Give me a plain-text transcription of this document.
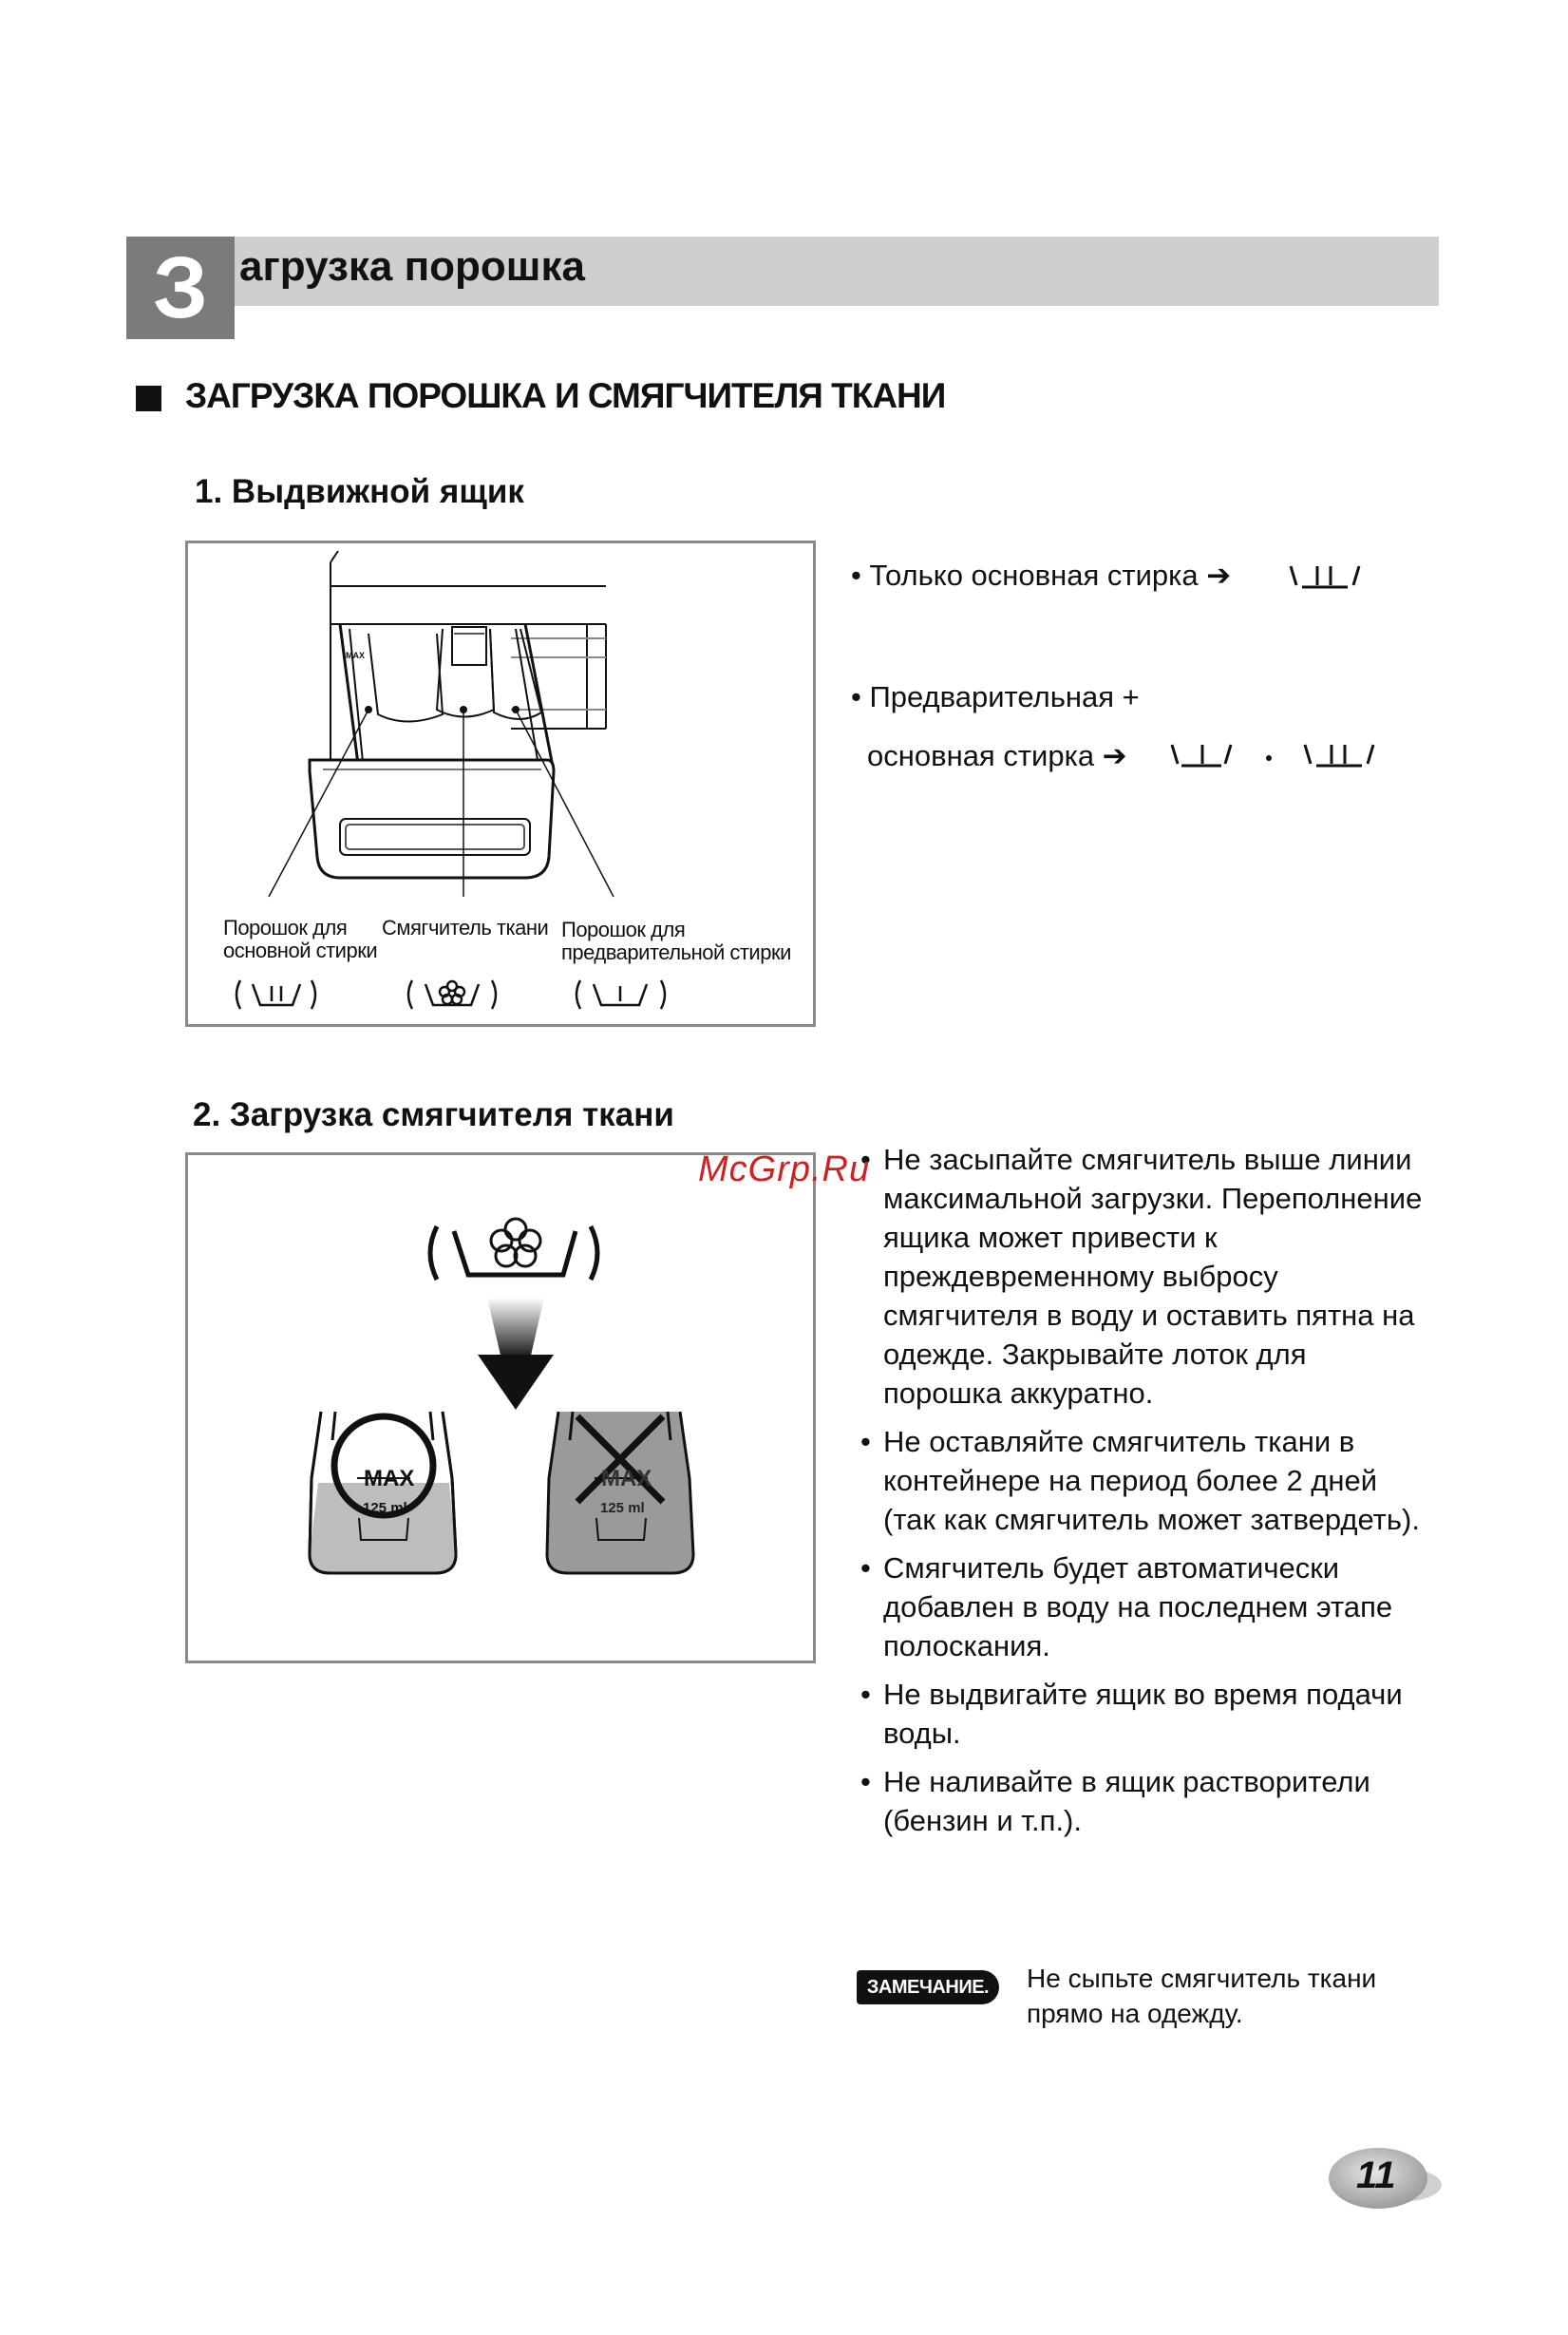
З агрузка порошка
ЗАГРУЗКА ПОРОШКА И СМЯГЧИТЕЛЯ ТКАНИ
1. Выдвижной ящик
MAX
Порошок для
основной стирки
Смягчитель ткани Порошок для
предварительной стирки
• Только основная стирка ➔
• Предварительная +
основная стирка ➔
2. Загрузка смягчителя ткани
MAX
125 ml
MAX
125 ml
• Не засыпайте смягчитель выше линии максимальной загрузки. Переполнение ящика может привести к преждевременному выбросу смягчителя в воду и оставить пятна на одежде. Закрывайте лоток для порошка аккуратно.
• Не оставляйте смягчитель ткани в контейнере на период более 2 дней (так как смягчитель может затвердеть).
• Смягчитель будет автоматически добавлен в воду на последнем этапе полоскания.
• Не выдвигайте ящик во время подачи воды.
• Не наливайте в ящик растворители (бензин и т.п.).
McGrp.Ru
ЗАМЕЧАНИЕ.	Не сыпьте смягчитель ткани прямо на одежду.
11
